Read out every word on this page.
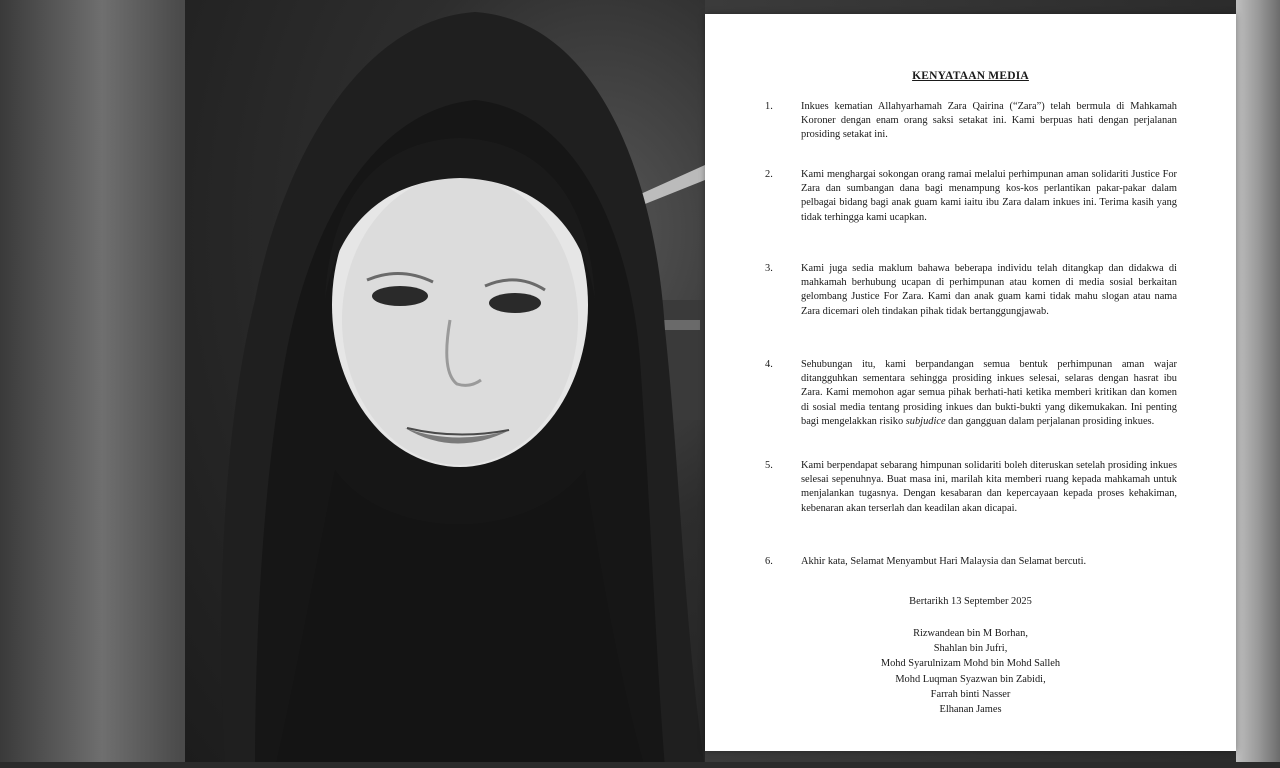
KENYATAAN MEDIA
1.	Inkues kematian Allahyarhamah Zara Qairina (“Zara”) telah bermula di Mahkamah Koroner dengan enam orang saksi setakat ini. Kami berpuas hati dengan perjalanan prosiding setakat ini.
2.	Kami menghargai sokongan orang ramai melalui perhimpunan aman solidariti Justice For Zara dan sumbangan dana bagi menampung kos-kos perlantikan pakar-pakar dalam pelbagai bidang bagi anak guam kami iaitu ibu Zara dalam inkues ini. Terima kasih yang tidak terhingga kami ucapkan.
3.	Kami juga sedia maklum bahawa beberapa individu telah ditangkap dan didakwa di mahkamah berhubung ucapan di perhimpunan atau komen di media sosial berkaitan gelombang Justice For Zara. Kami dan anak guam kami tidak mahu slogan atau nama Zara dicemari oleh tindakan pihak tidak bertanggungjawab.
4.	Sehubungan itu, kami berpandangan semua bentuk perhimpunan aman wajar ditangguhkan sementara sehingga prosiding inkues selesai, selaras dengan hasrat ibu Zara. Kami memohon agar semua pihak berhati-hati ketika memberi kritikan dan komen di sosial media tentang prosiding inkues dan bukti-bukti yang dikemukakan. Ini penting bagi mengelakkan risiko subjudice dan gangguan dalam perjalanan prosiding inkues.
5.	Kami berpendapat sebarang himpunan solidariti boleh diteruskan setelah prosiding inkues selesai sepenuhnya. Buat masa ini, marilah kita memberi ruang kepada mahkamah untuk menjalankan tugasnya. Dengan kesabaran dan kepercayaan kepada proses kehakiman, kebenaran akan terserlah dan keadilan akan dicapai.
6.	Akhir kata, Selamat Menyambut Hari Malaysia dan Selamat bercuti.
Bertarikh 13 September 2025
Rizwandean bin M Borhan,
Shahlan bin Jufri,
Mohd Syarulnizam Mohd bin Mohd Salleh
Mohd Luqman Syazwan bin Zabidi,
Farrah binti Nasser
Elhanan James
